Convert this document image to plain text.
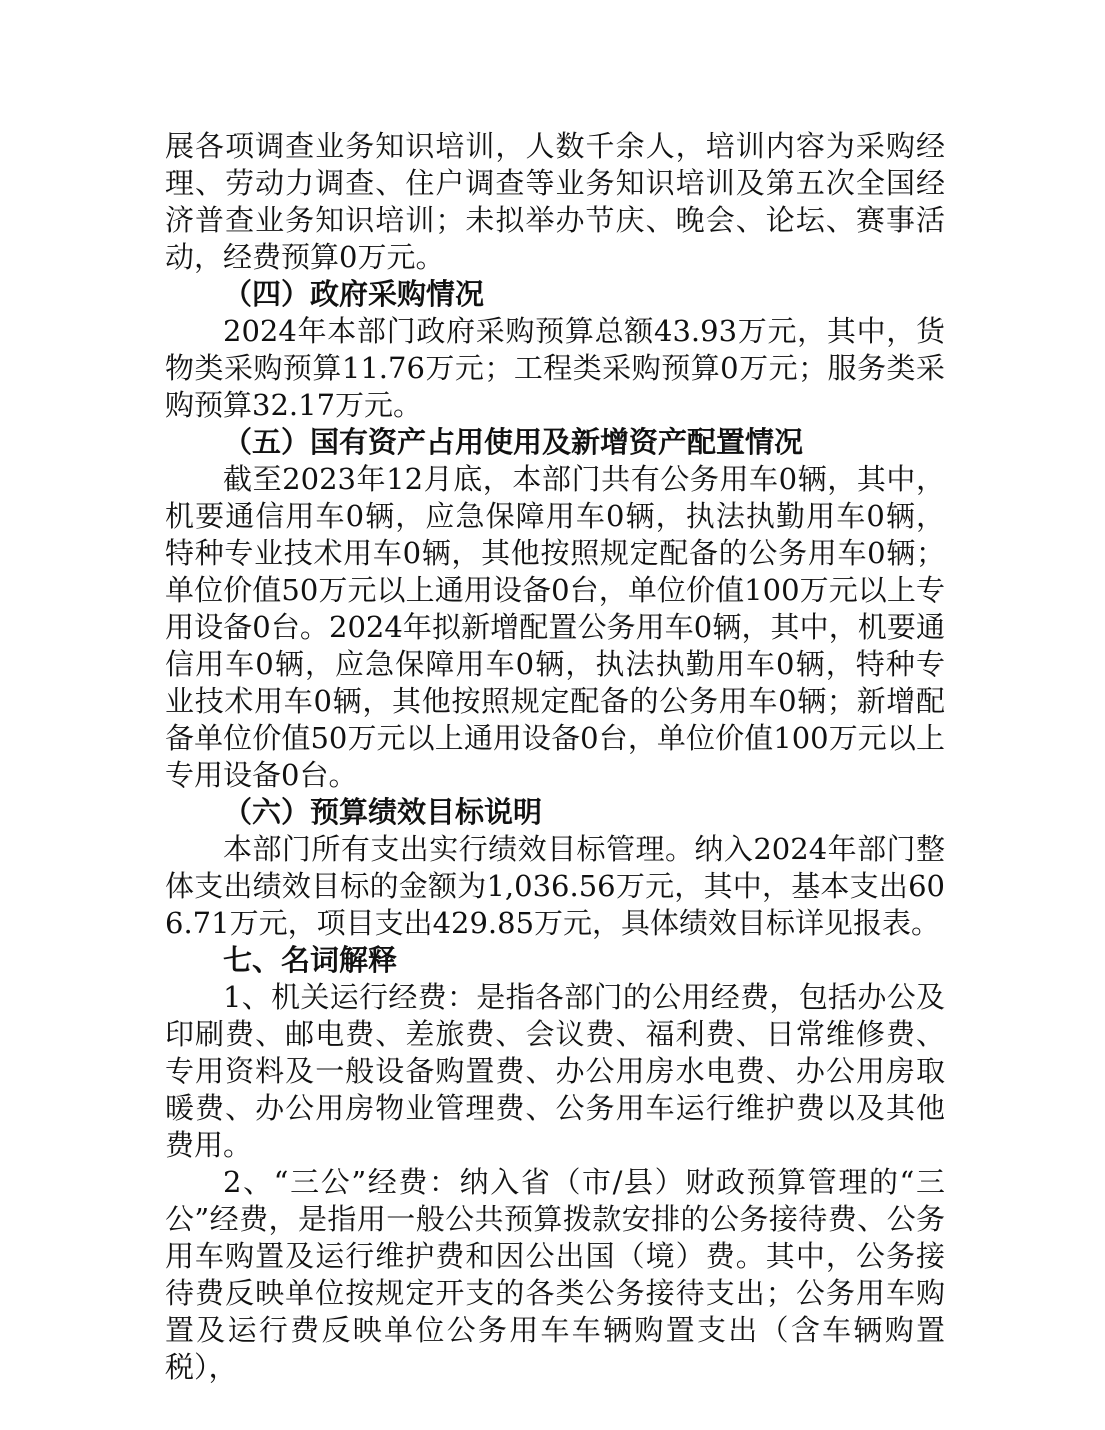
展各项调查业务知识培训，人数千余人，培训内容为采购经理、劳动力调查、住户调查等业务知识培训及第五次全国经济普查业务知识培训；未拟举办节庆、晚会、论坛、赛事活动，经费预算0万元。

（四）政府采购情况

2024年本部门政府采购预算总额43.93万元，其中，货物类采购预算11.76万元；工程类采购预算0万元；服务类采购预算32.17万元。

（五）国有资产占用使用及新增资产配置情况

截至2023年12月底，本部门共有公务用车0辆，其中，机要通信用车0辆，应急保障用车0辆，执法执勤用车0辆，特种专业技术用车0辆，其他按照规定配备的公务用车0辆；单位价值50万元以上通用设备0台，单位价值100万元以上专用设备0台。2024年拟新增配置公务用车0辆，其中，机要通信用车0辆，应急保障用车0辆，执法执勤用车0辆，特种专业技术用车0辆，其他按照规定配备的公务用车0辆；新增配备单位价值50万元以上通用设备0台，单位价值100万元以上专用设备0台。

（六）预算绩效目标说明

本部门所有支出实行绩效目标管理。纳入2024年部门整体支出绩效目标的金额为1,036.56万元，其中，基本支出606.71万元，项目支出429.85万元，具体绩效目标详见报表。

七、名词解释

1、机关运行经费：是指各部门的公用经费，包括办公及印刷费、邮电费、差旅费、会议费、福利费、日常维修费、专用资料及一般设备购置费、办公用房水电费、办公用房取暖费、办公用房物业管理费、公务用车运行维护费以及其他费用。

2、“三公”经费：纳入省（市/县）财政预算管理的“三公”经费，是指用一般公共预算拨款安排的公务接待费、公务用车购置及运行维护费和因公出国（境）费。其中，公务接待费反映单位按规定开支的各类公务接待支出；公务用车购置及运行费反映单位公务用车车辆购置支出（含车辆购置税），
